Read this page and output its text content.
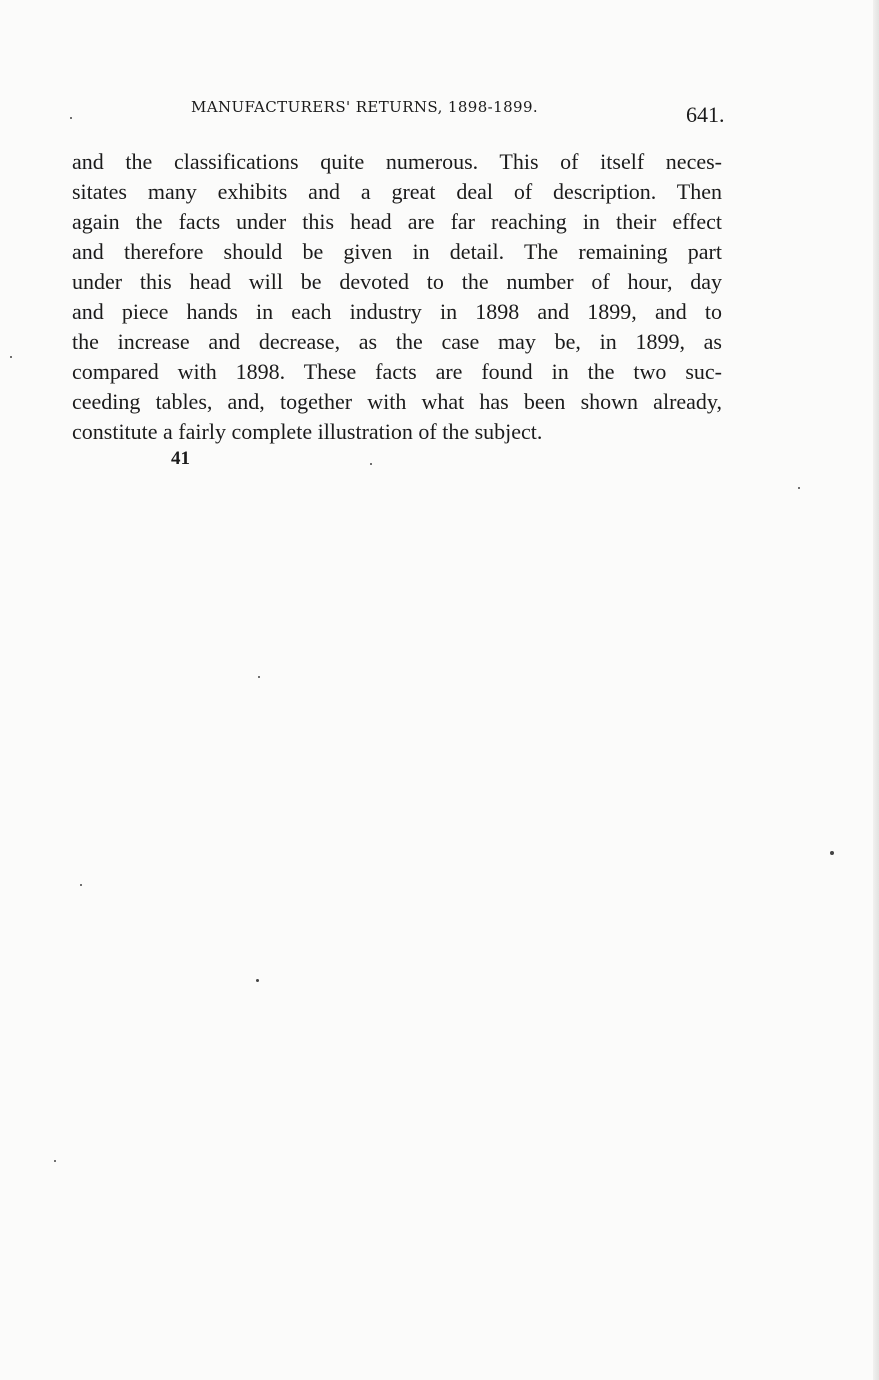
MANUFACTURERS' RETURNS, 1898-1899.	641.

and the classifications quite numerous. This of itself neces-
sitates many exhibits and a great deal of description. Then
again the facts under this head are far reaching in their effect
and therefore should be given in detail. The remaining part
under this head will be devoted to the number of hour, day
and piece hands in each industry in 1898 and 1899, and to
the increase and decrease, as the case may be, in 1899, as
compared with 1898. These facts are found in the two suc-
ceeding tables, and, together with what has been shown already,
constitute a fairly complete illustration of the subject.

41
